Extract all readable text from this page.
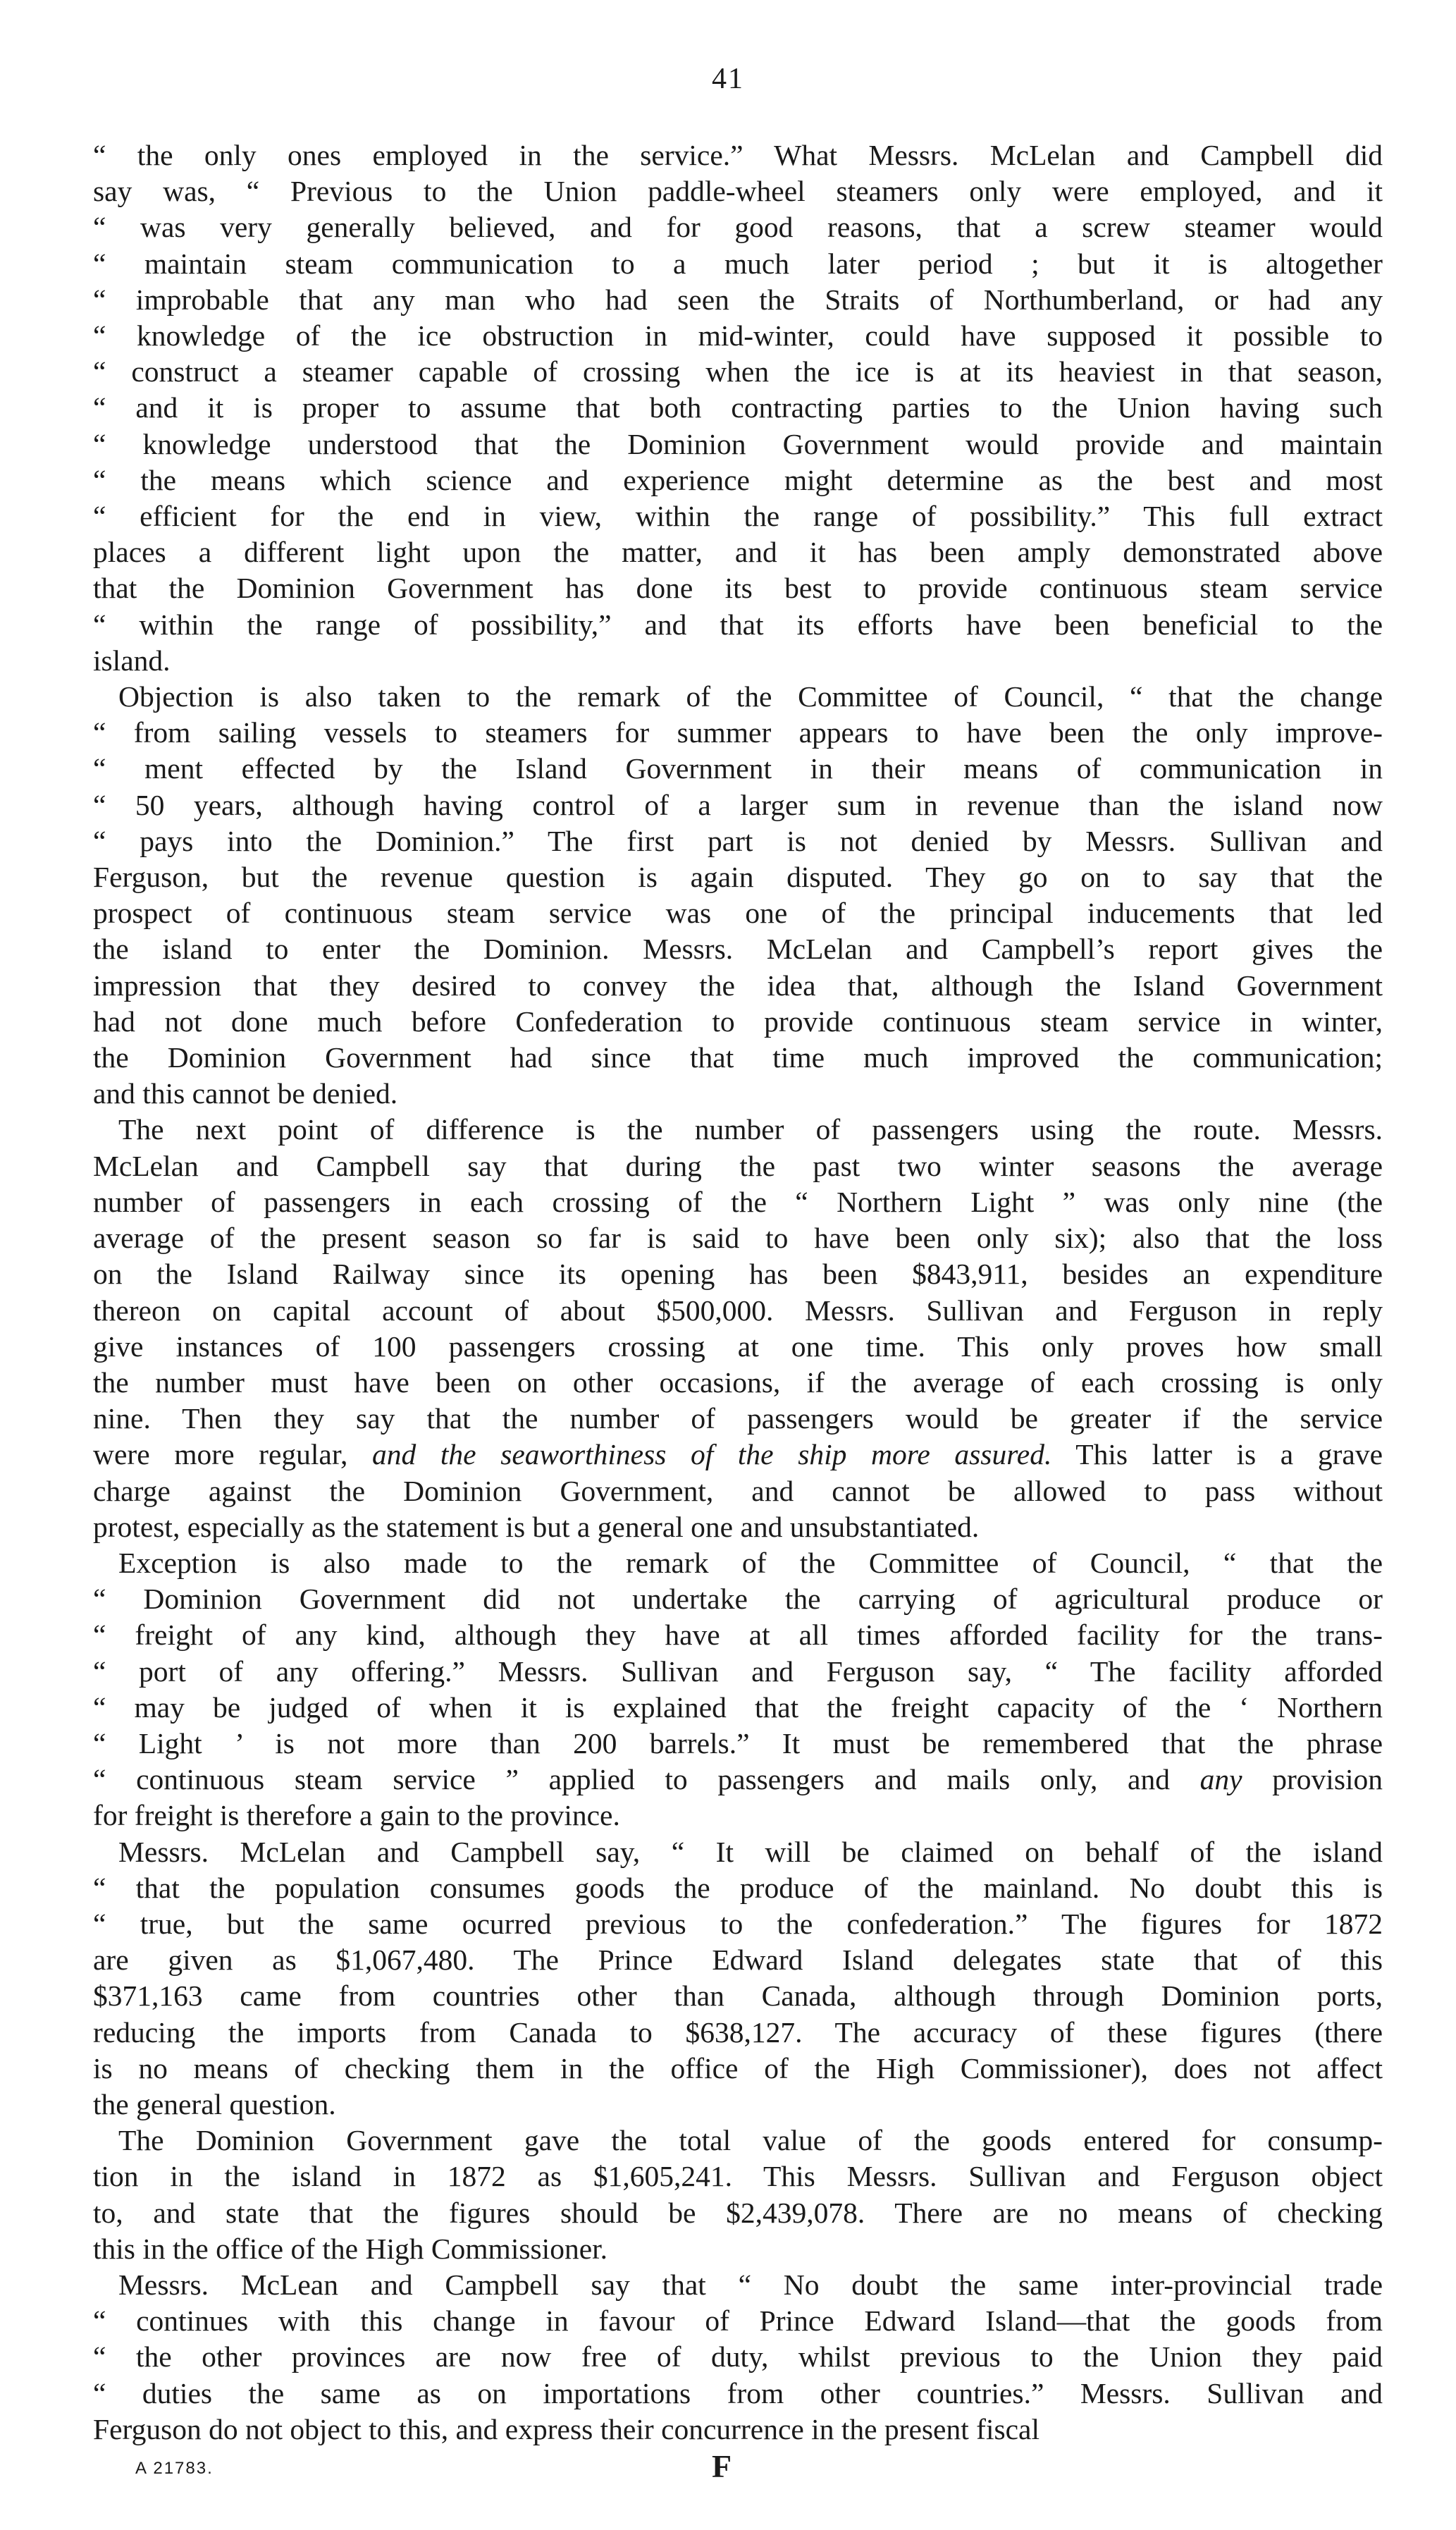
41
“ the only ones employed in the service.” What Messrs. McLelan and Campbell did
say was, “ Previous to the Union paddle-wheel steamers only were employed, and it
“ was very generally believed, and for good reasons, that a screw steamer would
“ maintain steam communication to a much later period ; but it is altogether
“ improbable that any man who had seen the Straits of Northumberland, or had any
“ knowledge of the ice obstruction in mid-winter, could have supposed it possible to
“ construct a steamer capable of crossing when the ice is at its heaviest in that season,
“ and it is proper to assume that both contracting parties to the Union having such
“ knowledge understood that the Dominion Government would provide and maintain
“ the means which science and experience might determine as the best and most
“ efficient for the end in view, within the range of possibility.” This full extract
places a different light upon the matter, and it has been amply demonstrated above
that the Dominion Government has done its best to provide continuous steam service
“ within the range of possibility,” and that its efforts have been beneficial to the
island.
Objection is also taken to the remark of the Committee of Council, “ that the change
“ from sailing vessels to steamers for summer appears to have been the only improve-
“ ment effected by the Island Government in their means of communication in
“ 50 years, although having control of a larger sum in revenue than the island now
“ pays into the Dominion.” The first part is not denied by Messrs. Sullivan and
Ferguson, but the revenue question is again disputed. They go on to say that the
prospect of continuous steam service was one of the principal inducements that led
the island to enter the Dominion. Messrs. McLelan and Campbell’s report gives the
impression that they desired to convey the idea that, although the Island Government
had not done much before Confederation to provide continuous steam service in winter,
the Dominion Government had since that time much improved the communication;
and this cannot be denied.
The next point of difference is the number of passengers using the route. Messrs.
McLelan and Campbell say that during the past two winter seasons the average
number of passengers in each crossing of the “ Northern Light ” was only nine (the
average of the present season so far is said to have been only six); also that the loss
on the Island Railway since its opening has been $843,911, besides an expenditure
thereon on capital account of about $500,000. Messrs. Sullivan and Ferguson in reply
give instances of 100 passengers crossing at one time. This only proves how small
the number must have been on other occasions, if the average of each crossing is only
nine. Then they say that the number of passengers would be greater if the service
were more regular, and the seaworthiness of the ship more assured. This latter is a grave
charge against the Dominion Government, and cannot be allowed to pass without
protest, especially as the statement is but a general one and unsubstantiated.
Exception is also made to the remark of the Committee of Council, “ that the
“ Dominion Government did not undertake the carrying of agricultural produce or
“ freight of any kind, although they have at all times afforded facility for the trans-
“ port of any offering.” Messrs. Sullivan and Ferguson say, “ The facility afforded
“ may be judged of when it is explained that the freight capacity of the ‘ Northern
“ Light ’ is not more than 200 barrels.” It must be remembered that the phrase
“ continuous steam service ” applied to passengers and mails only, and any provision
for freight is therefore a gain to the province.
Messrs. McLelan and Campbell say, “ It will be claimed on behalf of the island
“ that the population consumes goods the produce of the mainland. No doubt this is
“ true, but the same ocurred previous to the confederation.” The figures for 1872
are given as $1,067,480. The Prince Edward Island delegates state that of this
$371,163 came from countries other than Canada, although through Dominion ports,
reducing the imports from Canada to $638,127. The accuracy of these figures (there
is no means of checking them in the office of the High Commissioner), does not affect
the general question.
The Dominion Government gave the total value of the goods entered for consump-
tion in the island in 1872 as $1,605,241. This Messrs. Sullivan and Ferguson object
to, and state that the figures should be $2,439,078. There are no means of checking
this in the office of the High Commissioner.
Messrs. McLean and Campbell say that “ No doubt the same inter-provincial trade
“ continues with this change in favour of Prince Edward Island—that the goods from
“ the other provinces are now free of duty, whilst previous to the Union they paid
“ duties the same as on importations from other countries.” Messrs. Sullivan and
Ferguson do not object to this, and express their concurrence in the present fiscal
A 21783.	F
